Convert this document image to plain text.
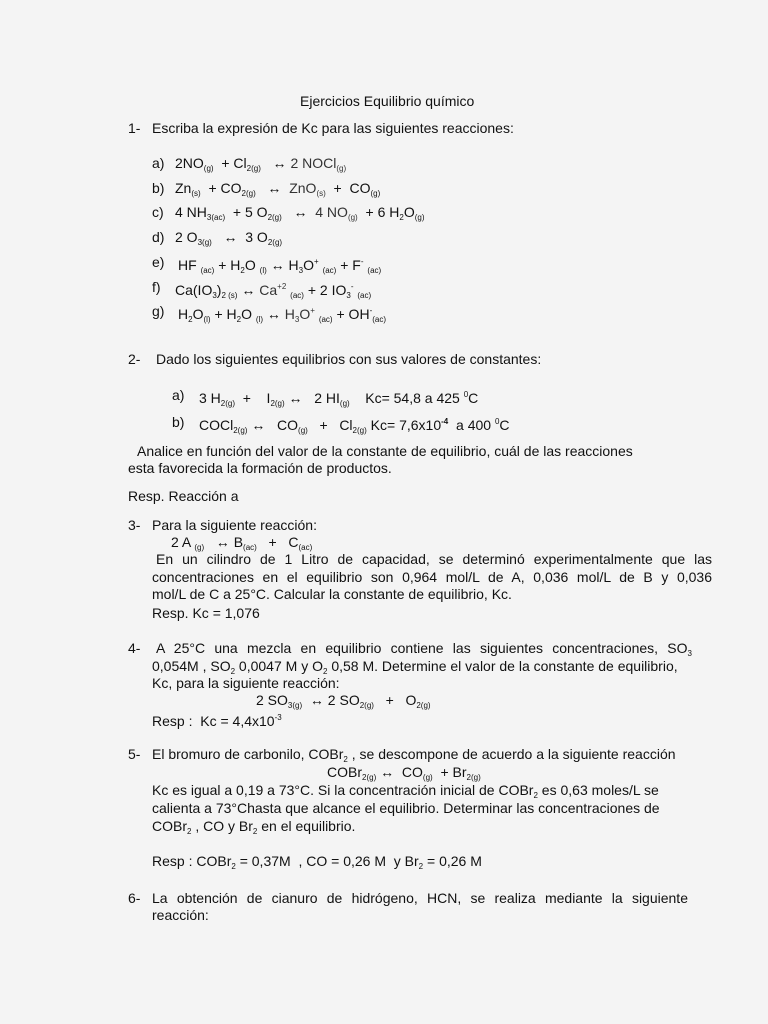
Ejercicios Equilibrio químico
1- Escriba la expresión de Kc para las siguientes reacciones:
a) $2NO_{(g)} + Cl_{2(g)}$   ↔ 2 NOCl$_{(g)}$
b) $Zn_{(s)} + CO_{2(g)}$   ↔  $ZnO_{(s)} + CO_{(g)}$
c) 4 $NH_{3(ac)} + 5$ $O_{2(g)}$   ↔  4 $NO_{(g)} + 6$ $H_2O_{(g)}$
d) 2 $O_{3(g)}$   ↔  3 $O_{2(g)}$
e) HF $_{(ac)} + H_2O$ $_{(l)}$ ↔ $H_3O^+$ $_{(ac)}$ + F- $_{(ac)}$
f) $Ca(IO_3)_{2 (s)}$ ↔ $Ca^{+2}$ $_{(ac)}$ + 2 $IO_3^-$ $_{(ac)}$
g) $H_2O_{(l)} + H_2O$ $_{(l)}$ ↔ $H_3O^+$ $_{(ac)} + OH^-_{(ac)}$
2- Dado los siguientes equilibrios con sus valores de constantes:
a) 3 $H_{2(g)}$  +    $I_{2(g)}$ ↔   2 $HI_{(g)}$    Kc= 54,8 a 425 $^0$C
b) COCl$_{2(g)}$ ↔   $CO_{(g)} + Cl_{2(g)}$ $Kc= 7,6x10^{-4}$  a 400 $^0$C
Analice en función del valor de la constante de equilibrio, cuál de las reacciones
esta favorecida la formación de productos.
Resp. Reacción a
3- Para la siguiente reacción:
2 A $_{(g)}$   ↔ $B_{(ac)} + C_{(ac)}$
En un cilindro de 1 Litro de capacidad, se determinó experimentalmente que las
concentraciones en el equilibrio son 0,964 mol/L de A, 0,036 mol/L de B y 0,036
mol/L de C a 25°C. Calcular la constante de equilibrio, Kc.
Resp. Kc = 1,076
4- A 25°C una mezcla en equilibrio contiene las siguientes concentraciones, $SO_3$
0,054M , $SO_2$ 0,0047 M y $O_2$ 0,58 M. Determine el valor de la constante de equilibrio,
Kc, para la siguiente reacción:
2 $SO_{3(g)}$  ↔ 2 $SO_{2(g)} + O_{2(g)}$
Resp :  $Kc = 4,4x10^{-3}$
5- El bromuro de carbonilo, COBr$_2$ , se descompone de acuerdo a la siguiente reacción
COBr$_{2(g)}$ ↔  $CO_{(g)} + Br_{2(g)}$
Kc es igual a 0,19 a 73°C. Si la concentración inicial de COBr$_2$ es 0,63 moles/L se
calienta a 73°Chasta que alcance el equilibrio. Determinar las concentraciones de
COBr$_2$ , CO y $Br_2$ en el equilibrio.
Resp : COBr$_2$ = 0,37M  , CO = 0,26 M  y $Br_2 = 0,26$ M
6- La obtención de cianuro de hidrógeno, HCN, se realiza mediante la siguiente
reacción:
